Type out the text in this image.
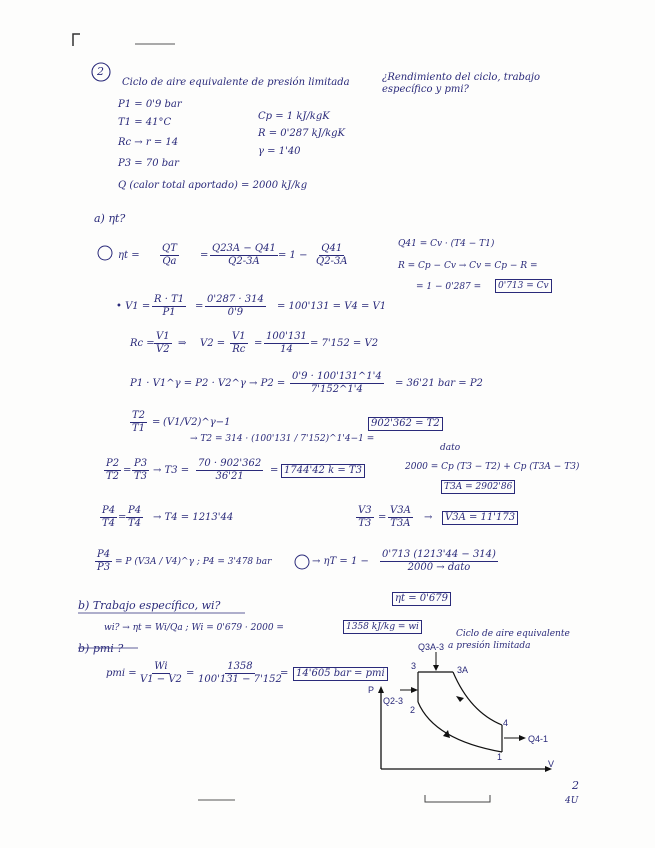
2
Ciclo de aire equivalente de presión limitada	¿Rendimiento del ciclo, trabajo específico y pmi?
P1 = 0'9 bar
T1 = 41°C
Rc → r = 14
P3 = 70 bar
Q (calor total aportado) = 2000 kJ/kg
Cp = 1 kJ/kgK
R = 0'287 kJ/kgK
γ = 1'40
a) ηt?
$\eta t = \frac{QT}{Qa} = \frac{Q23A - Q41}{Q2-3A} = 1 - \frac{Q41}{Q2-3A}$	Q41 = Cv · (T4 − T1)
R = Cp − Cv → Cv = Cp − R =
= 1 − 0'287 =	0'713 = Cv
• $V1 = \frac{R \cdot T1}{P1} = \frac{0'287 \cdot 314}{0'9} = 100'131 = V4 = V1$
$Rc = \frac{V1}{V2}$ ⇒ $V2 = \frac{V1}{Rc} = \frac{100'131}{14} = 7'152 = V2$
P1 · V1^γ = P2 · V2^γ → $P2 = \frac{0'9 \cdot 100'131\^{}1'4}{7'152\^{}1'4} = 36'21$ bar = P2
$\frac{T2}{T1}$ = (V1/V2)^γ−1
→ T2 = 314 · (100'131 / 7'152)^1'4−1 =
902'362 = T2
$\frac{P2}{T2} = \frac{P3}{T3} \to T3 = \frac{70 \cdot 902'362}{36'21} = 1744'42$ k = T3
dato
2000 = Cp (T3 − T2) + Cp (T3A − T3)
T3A = 2902'86
$\frac{P4}{T4} = \frac{P4}{T4} \to T4 = 1213'44$	$\frac{V3}{T3} = \frac{V3A}{T3A}$ →	V3A = 11'173
$\frac{P4}{P3} = P$ (V3A / V4)^γ ; P4 = 3'478 bar	→ ηT = 1 −
0'713 (1213'44 − 314)
2000 → dato
ηt = 0'679
b) Trabajo específico, wi?
wi? → ηt = Wi/Qa ; Wi = 0'679 · 2000 =	1358 kJ/kg = wi
b) pmi ?
pmi = $\frac{Wi}{V1 - V2} = \frac{1358}{100'131 - 7'152}$
= 14'605 bar = pmi
Ciclo de aire equivalente
a presión limitada
Q3A-3
3	3A
P
Q2-3
2
4
Q4-1
1
V
2
4U
